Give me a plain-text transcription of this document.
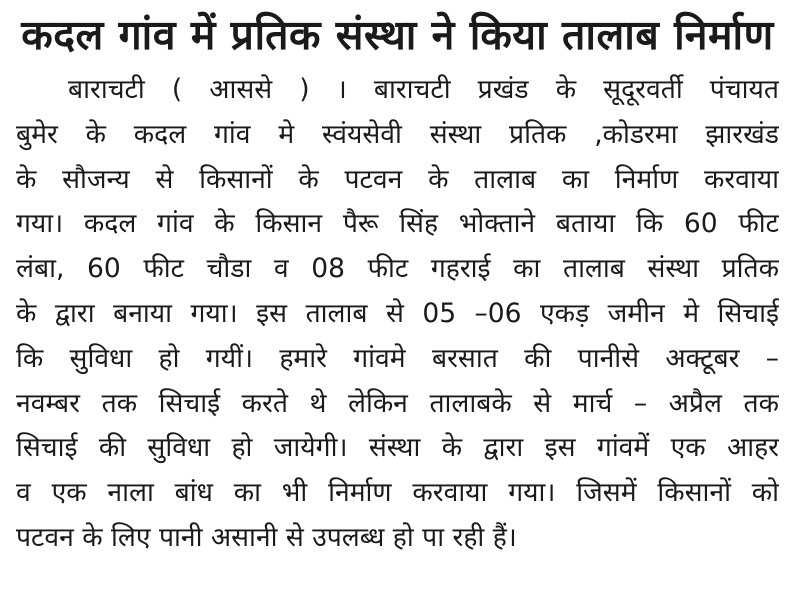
कदल गांव में प्रतिक संस्था ने किया तालाब निर्माण
बाराचटी ( आससे ) । बाराचटी प्रखंड के सूदूरवर्ती पंचायत
बुमेर के कदल गांव मे स्वंयसेवी संस्था प्रतिक ,कोडरमा झारखंड
के सौजन्य से किसानों के पटवन के तालाब का निर्माण करवाया
गया। कदल गांव के किसान पैरू सिंह भोक्ताने बताया कि 60 फीट
लंबा, 60 फीट चौडा व 08 फीट गहराई का तालाब संस्था प्रतिक
के द्वारा बनाया गया। इस तालाब से 05 –06 एकड़ जमीन मे सिचाई
कि सुविधा हो गयीं। हमारे गांवमे बरसात की पानीसे अक्टूबर –
नवम्बर तक सिचाई करते थे लेकिन तालाबके से मार्च – अप्रैल तक
सिचाई की सुविधा हो जायेगी। संस्था के द्वारा इस गांवमें एक आहर
व एक नाला बांध का भी निर्माण करवाया गया। जिसमें किसानों को
पटवन के लिए पानी असानी से उपलब्ध हो पा रही हैं।
